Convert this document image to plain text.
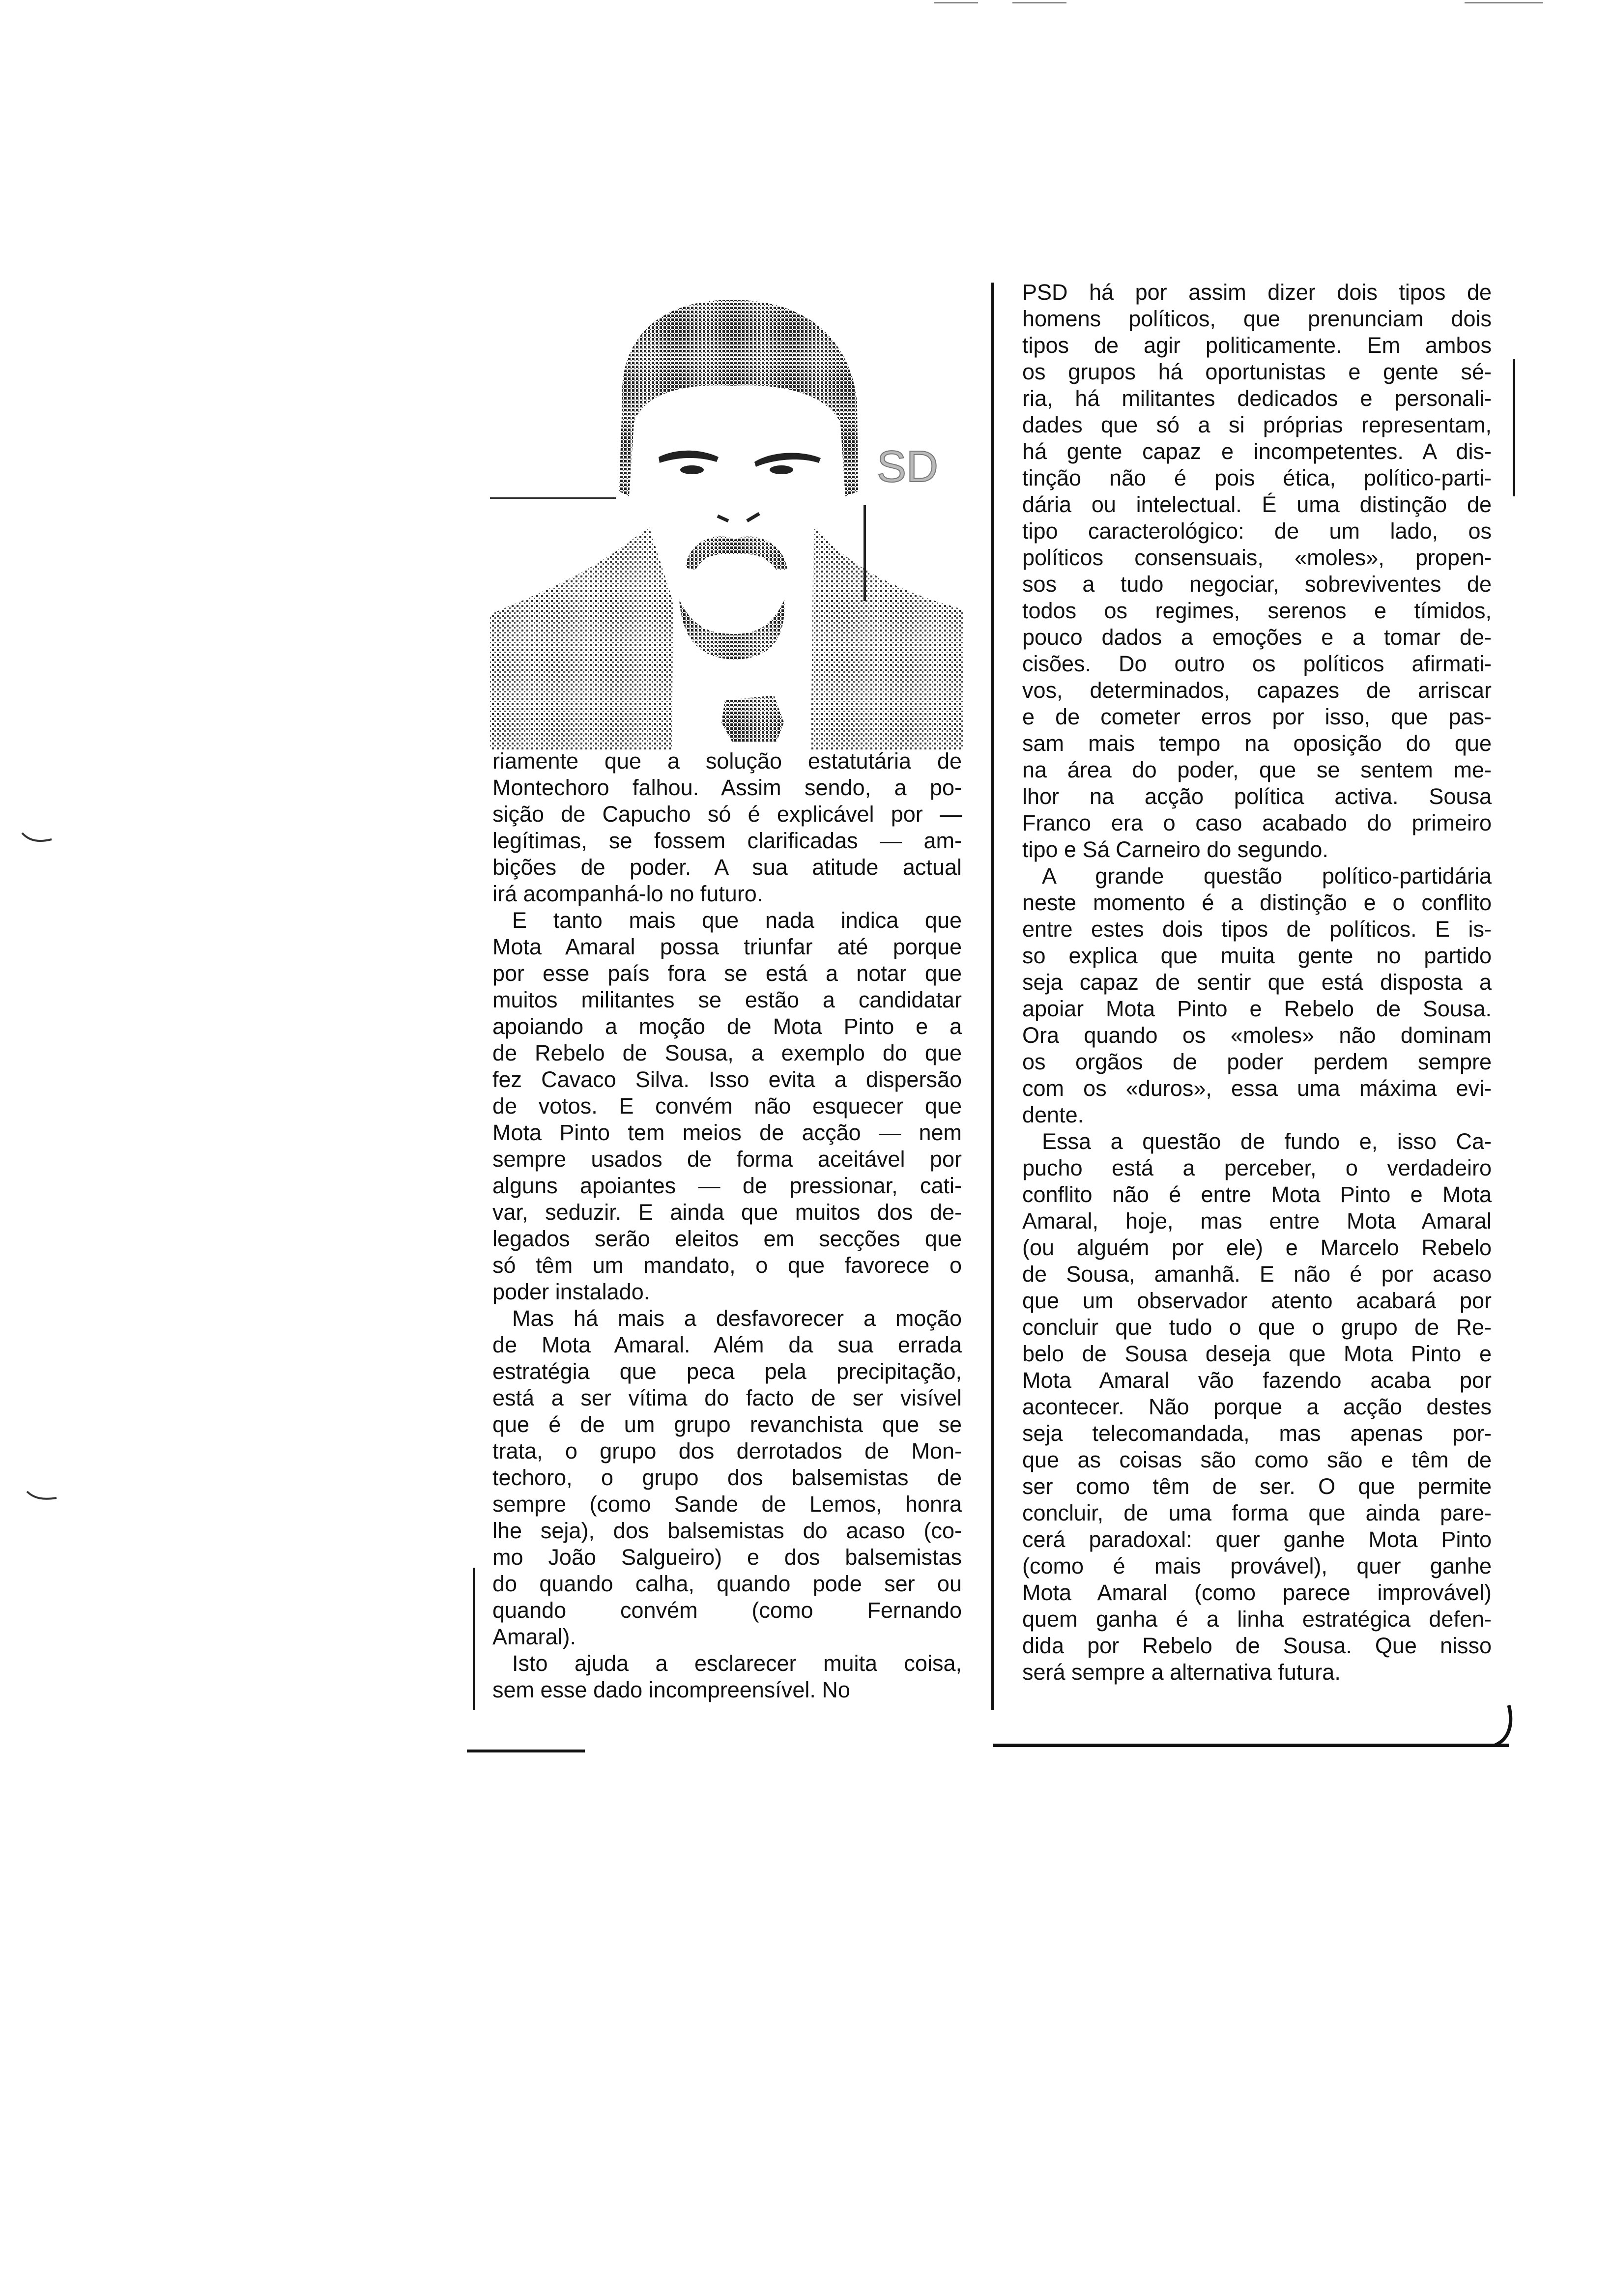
SD
riamente que a solução estatutária de
Montechoro falhou. Assim sendo, a po-
sição de Capucho só é explicável por —
legítimas, se fossem clarificadas — am-
bições de poder. A sua atitude actual
irá acompanhá-lo no futuro.
E tanto mais que nada indica que
Mota Amaral possa triunfar até porque
por esse país fora se está a notar que
muitos militantes se estão a candidatar
apoiando a moção de Mota Pinto e a
de Rebelo de Sousa, a exemplo do que
fez Cavaco Silva. Isso evita a dispersão
de votos. E convém não esquecer que
Mota Pinto tem meios de acção — nem
sempre usados de forma aceitável por
alguns apoiantes — de pressionar, cati-
var, seduzir. E ainda que muitos dos de-
legados serão eleitos em secções que
só têm um mandato, o que favorece o
poder instalado.
Mas há mais a desfavorecer a moção
de Mota Amaral. Além da sua errada
estratégia que peca pela precipitação,
está a ser vítima do facto de ser visível
que é de um grupo revanchista que se
trata, o grupo dos derrotados de Mon-
techoro, o grupo dos balsemistas de
sempre (como Sande de Lemos, honra
lhe seja), dos balsemistas do acaso (co-
mo João Salgueiro) e dos balsemistas
do quando calha, quando pode ser ou
quando convém (como Fernando
Amaral).
Isto ajuda a esclarecer muita coisa,
sem esse dado incompreensível. No
PSD há por assim dizer dois tipos de
homens políticos, que prenunciam dois
tipos de agir politicamente. Em ambos
os grupos há oportunistas e gente sé-
ria, há militantes dedicados e personali-
dades que só a si próprias representam,
há gente capaz e incompetentes. A dis-
tinção não é pois ética, político-parti-
dária ou intelectual. É uma distinção de
tipo caracterológico: de um lado, os
políticos consensuais, «moles», propen-
sos a tudo negociar, sobreviventes de
todos os regimes, serenos e tímidos,
pouco dados a emoções e a tomar de-
cisões. Do outro os políticos afirmati-
vos, determinados, capazes de arriscar
e de cometer erros por isso, que pas-
sam mais tempo na oposição do que
na área do poder, que se sentem me-
lhor na acção política activa. Sousa
Franco era o caso acabado do primeiro
tipo e Sá Carneiro do segundo.
A grande questão político-partidária
neste momento é a distinção e o conflito
entre estes dois tipos de políticos. E is-
so explica que muita gente no partido
seja capaz de sentir que está disposta a
apoiar Mota Pinto e Rebelo de Sousa.
Ora quando os «moles» não dominam
os orgãos de poder perdem sempre
com os «duros», essa uma máxima evi-
dente.
Essa a questão de fundo e, isso Ca-
pucho está a perceber, o verdadeiro
conflito não é entre Mota Pinto e Mota
Amaral, hoje, mas entre Mota Amaral
(ou alguém por ele) e Marcelo Rebelo
de Sousa, amanhã. E não é por acaso
que um observador atento acabará por
concluir que tudo o que o grupo de Re-
belo de Sousa deseja que Mota Pinto e
Mota Amaral vão fazendo acaba por
acontecer. Não porque a acção destes
seja telecomandada, mas apenas por-
que as coisas são como são e têm de
ser como têm de ser. O que permite
concluir, de uma forma que ainda pare-
cerá paradoxal: quer ganhe Mota Pinto
(como é mais provável), quer ganhe
Mota Amaral (como parece improvável)
quem ganha é a linha estratégica defen-
dida por Rebelo de Sousa. Que nisso
será sempre a alternativa futura.
